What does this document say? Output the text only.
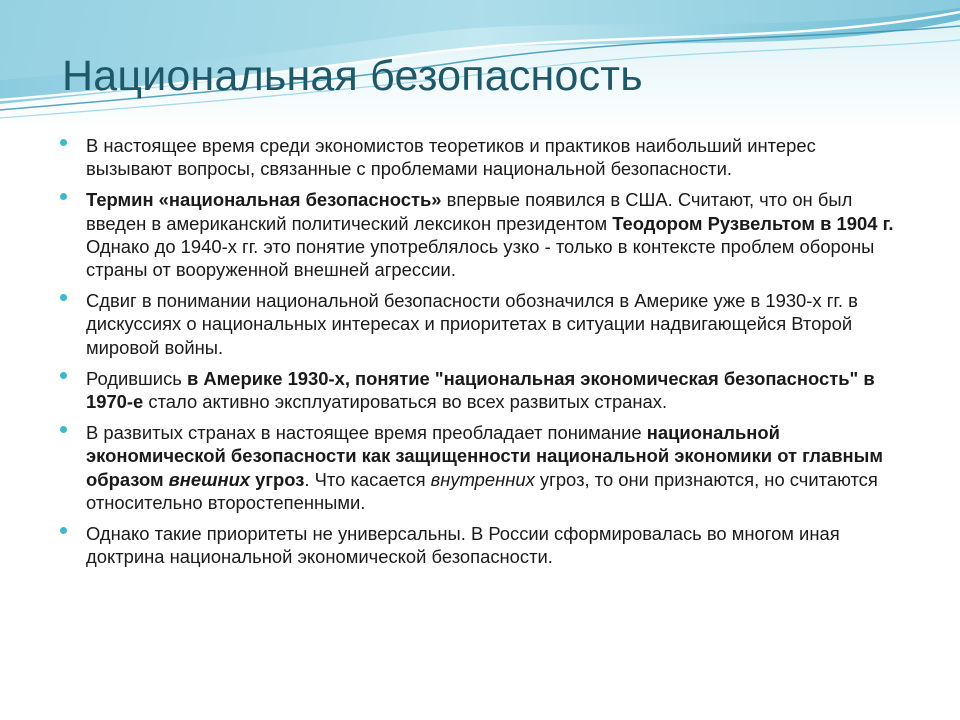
Национальная безопасность
В настоящее время среди экономистов теоретиков и практиков наибольший интерес вызывают вопросы, связанные с проблемами национальной безопасности.
Термин «национальная безопасность» впервые появился в США. Считают, что он был введен в американский политический лексикон президентом Теодором Рузвельтом в 1904 г. Однако до 1940-х гг. это понятие употреблялось узко - только в контексте проблем обороны страны от вооруженной внешней агрессии.
Сдвиг в понимании национальной безопасности обозначился в Америке уже в 1930-х гг. в дискуссиях о национальных интересах и приоритетах в ситуации надвигающейся Второй мировой войны.
Родившись в Америке 1930-х, понятие "национальная экономическая безопасность" в 1970-е стало активно эксплуатироваться во всех развитых странах.
В развитых странах в настоящее время преобладает понимание национальной экономической безопасности как защищенности национальной экономики от главным образом внешних угроз. Что касается внутренних угроз, то они признаются, но считаются относительно второстепенными.
Однако такие приоритеты не универсальны. В России сформировалась во многом иная доктрина национальной экономической безопасности.
